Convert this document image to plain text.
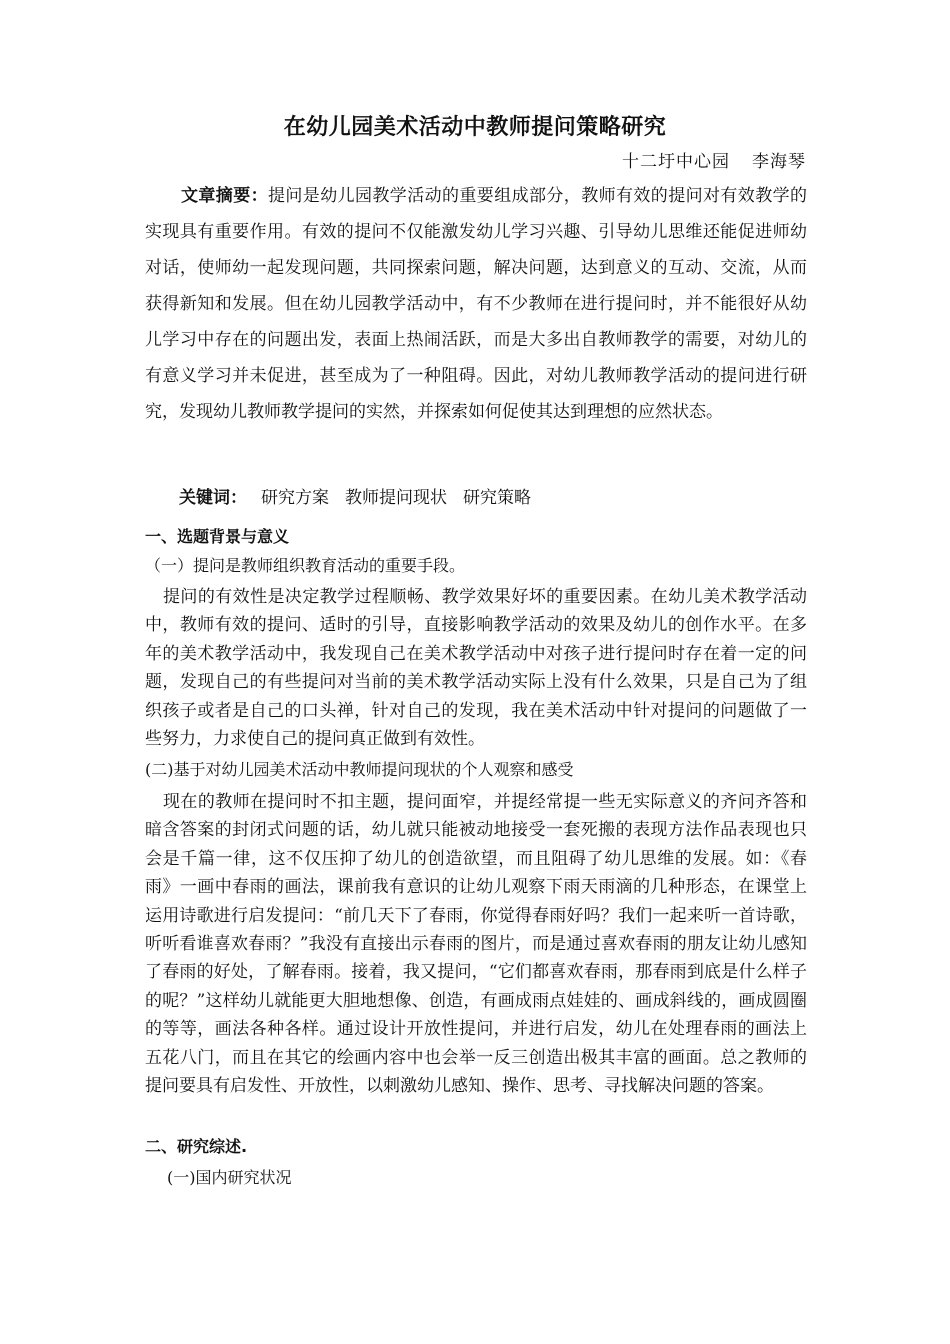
在幼儿园美术活动中教师提问策略研究
十二圩中心园 李海琴
文章摘要：提问是幼儿园教学活动的重要组成部分，教师有效的提问对有效教学的实现具有重要作用。有效的提问不仅能激发幼儿学习兴趣、引导幼儿思维还能促进师幼对话，使师幼一起发现问题，共同探索问题，解决问题，达到意义的互动、交流，从而获得新知和发展。但在幼儿园教学活动中，有不少教师在进行提问时，并不能很好从幼儿学习中存在的问题出发，表面上热闹活跃，而是大多出自教师教学的需要，对幼儿的有意义学习并未促进，甚至成为了一种阻碍。因此，对幼儿教师教学活动的提问进行研究，发现幼儿教师教学提问的实然，并探索如何促使其达到理想的应然状态。
关键词： 研究方案 教师提问现状 研究策略
一、选题背景与意义
（一）提问是教师组织教育活动的重要手段。
提问的有效性是决定教学过程顺畅、教学效果好坏的重要因素。在幼儿美术教学活动中，教师有效的提问、适时的引导，直接影响教学活动的效果及幼儿的创作水平。在多年的美术教学活动中，我发现自己在美术教学活动中对孩子进行提问时存在着一定的问题，发现自己的有些提问对当前的美术教学活动实际上没有什么效果，只是自己为了组织孩子或者是自己的口头禅，针对自己的发现，我在美术活动中针对提问的问题做了一些努力，力求使自己的提问真正做到有效性。
(二)基于对幼儿园美术活动中教师提问现状的个人观察和感受
现在的教师在提问时不扣主题，提问面窄，并提经常提一些无实际意义的齐问齐答和暗含答案的封闭式问题的话，幼儿就只能被动地接受一套死搬的表现方法作品表现也只会是千篇一律，这不仅压抑了幼儿的创造欲望，而且阻碍了幼儿思维的发展。如：《春雨》一画中春雨的画法，课前我有意识的让幼儿观察下雨天雨滴的几种形态，在课堂上运用诗歌进行启发提问：“前几天下了春雨，你觉得春雨好吗？我们一起来听一首诗歌，听听看谁喜欢春雨？”我没有直接出示春雨的图片，而是通过喜欢春雨的朋友让幼儿感知了春雨的好处，了解春雨。接着，我又提问，“它们都喜欢春雨，那春雨到底是什么样子的呢？”这样幼儿就能更大胆地想像、创造，有画成雨点娃娃的、画成斜线的，画成圆圈的等等，画法各种各样。通过设计开放性提问，并进行启发，幼儿在处理春雨的画法上五花八门，而且在其它的绘画内容中也会举一反三创造出极其丰富的画面。总之教师的提问要具有启发性、开放性，以刺激幼儿感知、操作、思考、寻找解决问题的答案。
二、研究综述.
(一)国内研究状况
